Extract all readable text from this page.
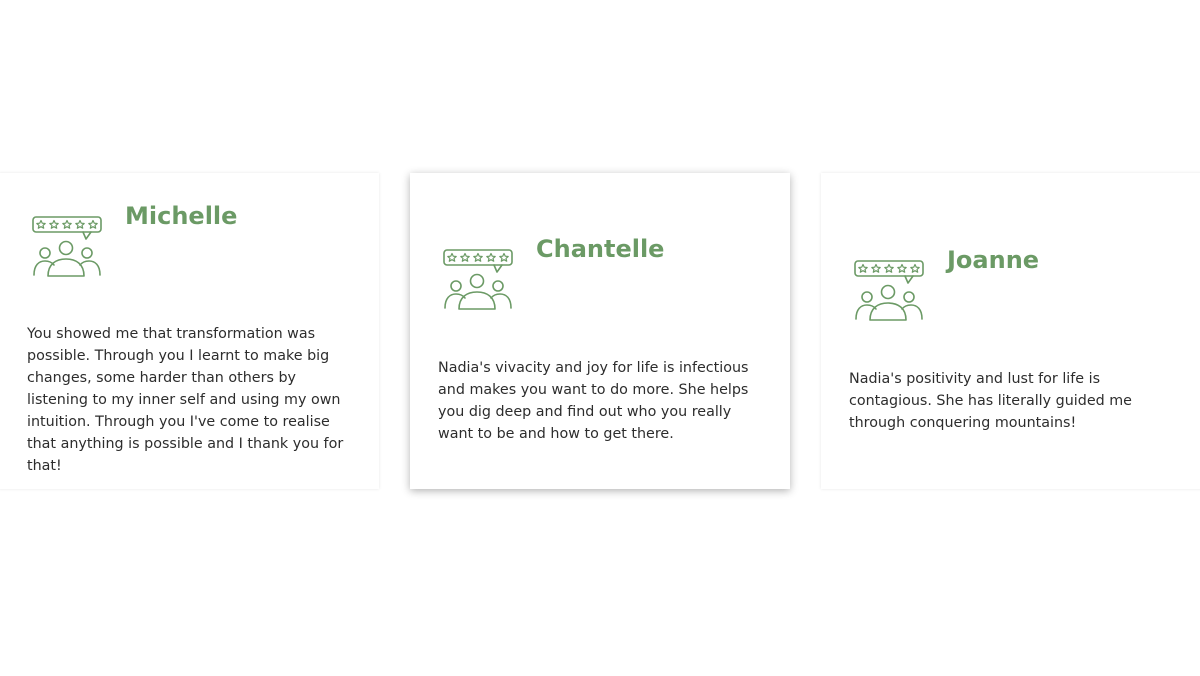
Michelle

You showed me that transformation was possible. Through you I learnt to make big changes, some harder than others by listening to my inner self and using my own intuition. Through you I've come to realise that anything is possible and I thank you for that!

Chantelle

Nadia's vivacity and joy for life is infectious and makes you want to do more. She helps you dig deep and find out who you really want to be and how to get there.

Joanne

Nadia's positivity and lust for life is contagious. She has literally guided me through conquering mountains!
